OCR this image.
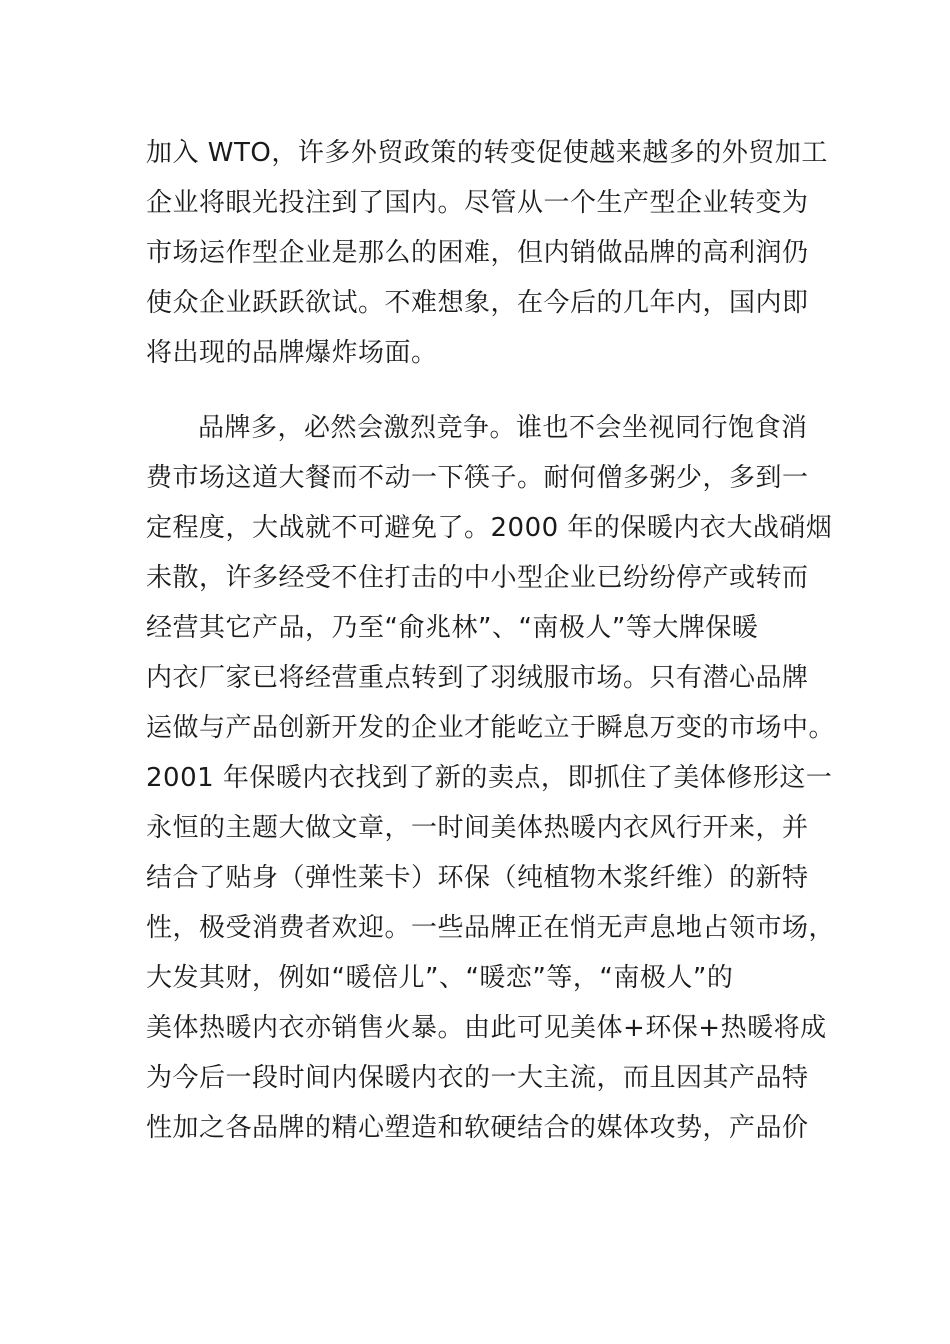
加入 WTO，许多外贸政策的转变促使越来越多的外贸加工
企业将眼光投注到了国内。尽管从一个生产型企业转变为
市场运作型企业是那么的困难，但内销做品牌的高利润仍
使众企业跃跃欲试。不难想象，在今后的几年内，国内即
将出现的品牌爆炸场面。
品牌多，必然会激烈竞争。谁也不会坐视同行饱食消
费市场这道大餐而不动一下筷子。耐何僧多粥少，多到一
定程度，大战就不可避免了。2000 年的保暖内衣大战硝烟
未散，许多经受不住打击的中小型企业已纷纷停产或转而
经营其它产品，乃至“俞兆林”、“南极人”等大牌保暖
内衣厂家已将经营重点转到了羽绒服市场。只有潜心品牌
运做与产品创新开发的企业才能屹立于瞬息万变的市场中。
2001 年保暖内衣找到了新的卖点，即抓住了美体修形这一
永恒的主题大做文章，一时间美体热暖内衣风行开来，并
结合了贴身（弹性莱卡）环保（纯植物木浆纤维）的新特
性，极受消费者欢迎。一些品牌正在悄无声息地占领市场，
大发其财，例如“暖倍儿”、“暖恋”等，“南极人”的
美体热暖内衣亦销售火暴。由此可见美体+环保+热暖将成
为今后一段时间内保暖内衣的一大主流，而且因其产品特
性加之各品牌的精心塑造和软硬结合的媒体攻势，产品价
